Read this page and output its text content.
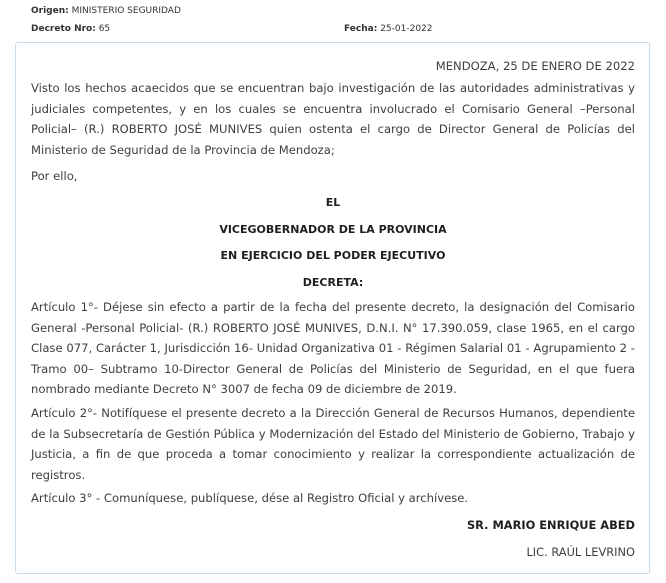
Origen: MINISTERIO SEGURIDAD
Decreto Nro: 65	Fecha: 25-01-2022

MENDOZA, 25 DE ENERO DE 2022

Visto los hechos acaecidos que se encuentran bajo investigación de las autoridades administrativas y judiciales competentes, y en los cuales se encuentra involucrado el Comisario General –Personal Policial– (R.) ROBERTO JOSÉ MUNIVES quien ostenta el cargo de Director General de Policías del Ministerio de Seguridad de la Provincia de Mendoza;

Por ello,

EL

VICEGOBERNADOR DE LA PROVINCIA

EN EJERCICIO DEL PODER EJECUTIVO

DECRETA:

Artículo 1°- Déjese sin efecto a partir de la fecha del presente decreto, la designación del Comisario General -Personal Policial- (R.) ROBERTO JOSÉ MUNIVES, D.N.I. N° 17.390.059, clase 1965, en el cargo Clase 077, Carácter 1, Jurisdicción 16- Unidad Organizativa 01 - Régimen Salarial 01 - Agrupamiento 2 - Tramo 00– Subtramo 10-Director General de Policías del Ministerio de Seguridad, en el que fuera nombrado mediante Decreto N° 3007 de fecha 09 de diciembre de 2019.

Artículo 2°- Notifíquese el presente decreto a la Dirección General de Recursos Humanos, dependiente de la Subsecretaría de Gestión Pública y Modernización del Estado del Ministerio de Gobierno, Trabajo y Justicia, a fin de que proceda a tomar conocimiento y realizar la correspondiente actualización de registros.

Artículo 3° - Comuníquese, publíquese, dése al Registro Oficial y archívese.

SR. MARIO ENRIQUE ABED

LIC. RAÚL LEVRINO
